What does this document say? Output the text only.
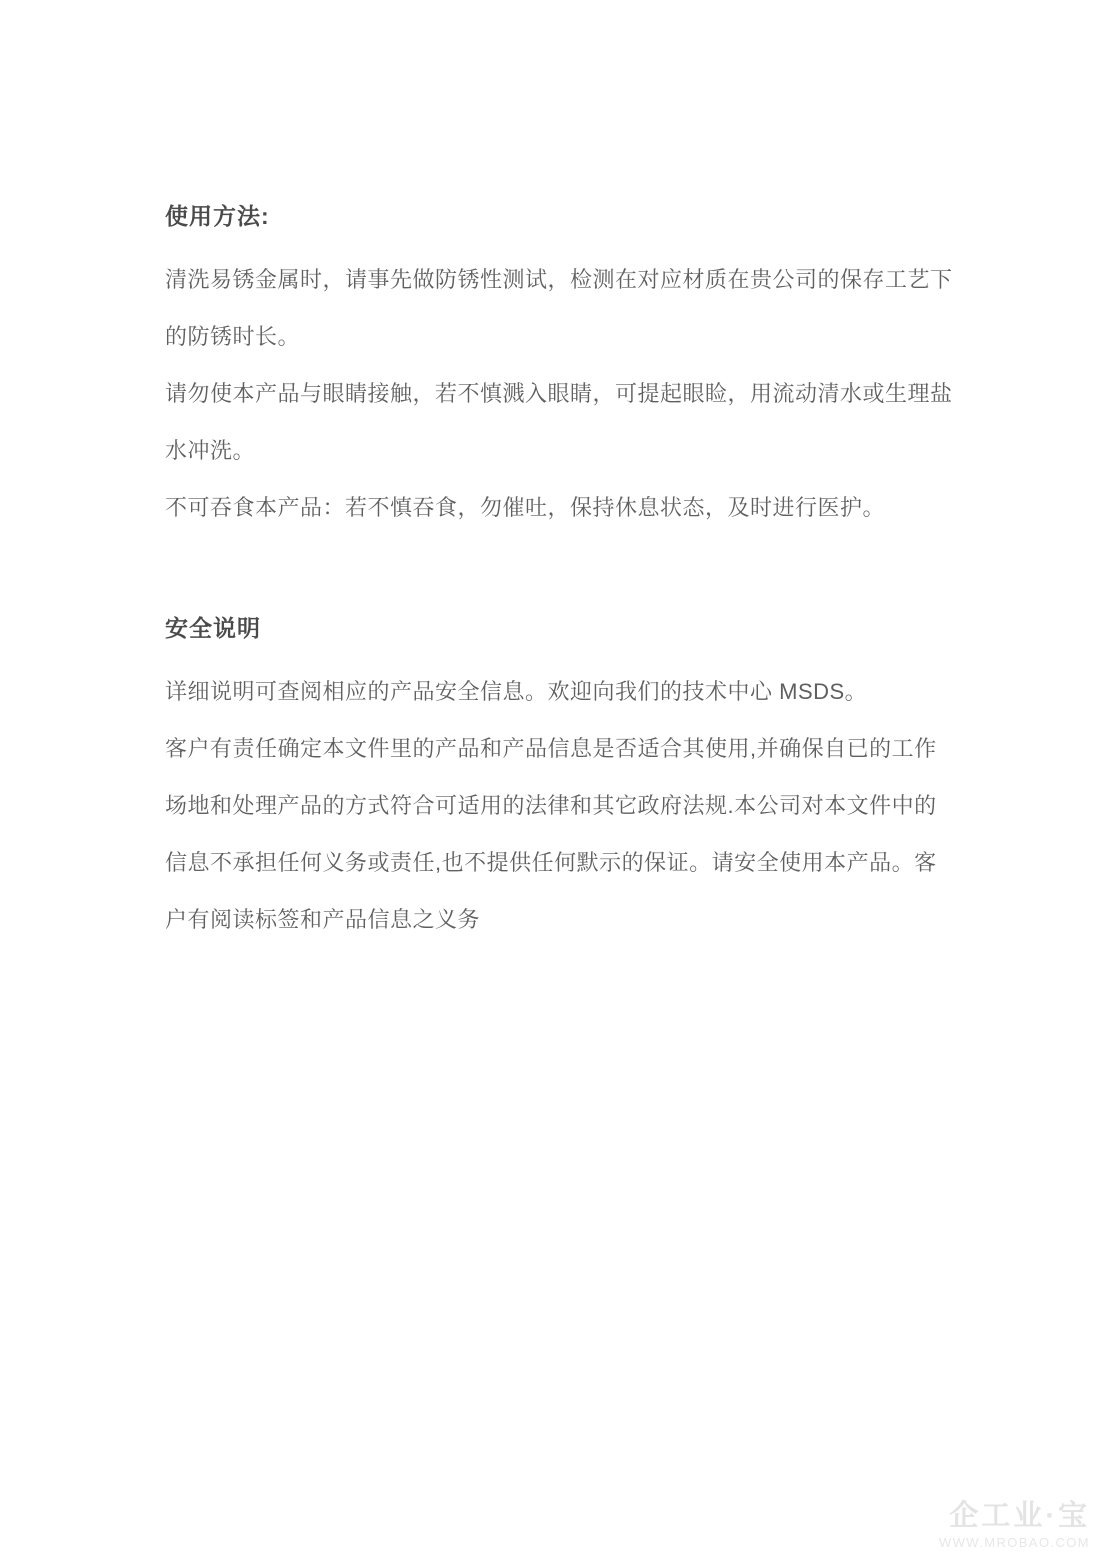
使用方法:
清洗易锈金属时，请事先做防锈性测试，检测在对应材质在贵公司的保存工艺下
的防锈时长。
请勿使本产品与眼睛接触，若不慎溅入眼睛，可提起眼睑，用流动清水或生理盐
水冲洗。
不可吞食本产品：若不慎吞食，勿催吐，保持休息状态，及时进行医护。
安全说明
详细说明可查阅相应的产品安全信息。欢迎向我们的技术中心 MSDS。
客户有责任确定本文件里的产品和产品信息是否适合其使用,并确保自已的工作
场地和处理产品的方式符合可适用的法律和其它政府法规.本公司对本文件中的
信息不承担任何义务或责任,也不提供任何默示的保证。请安全使用本产品。客
户有阅读标签和产品信息之义务
企工业·宝
WWW.MROBAO.COM
